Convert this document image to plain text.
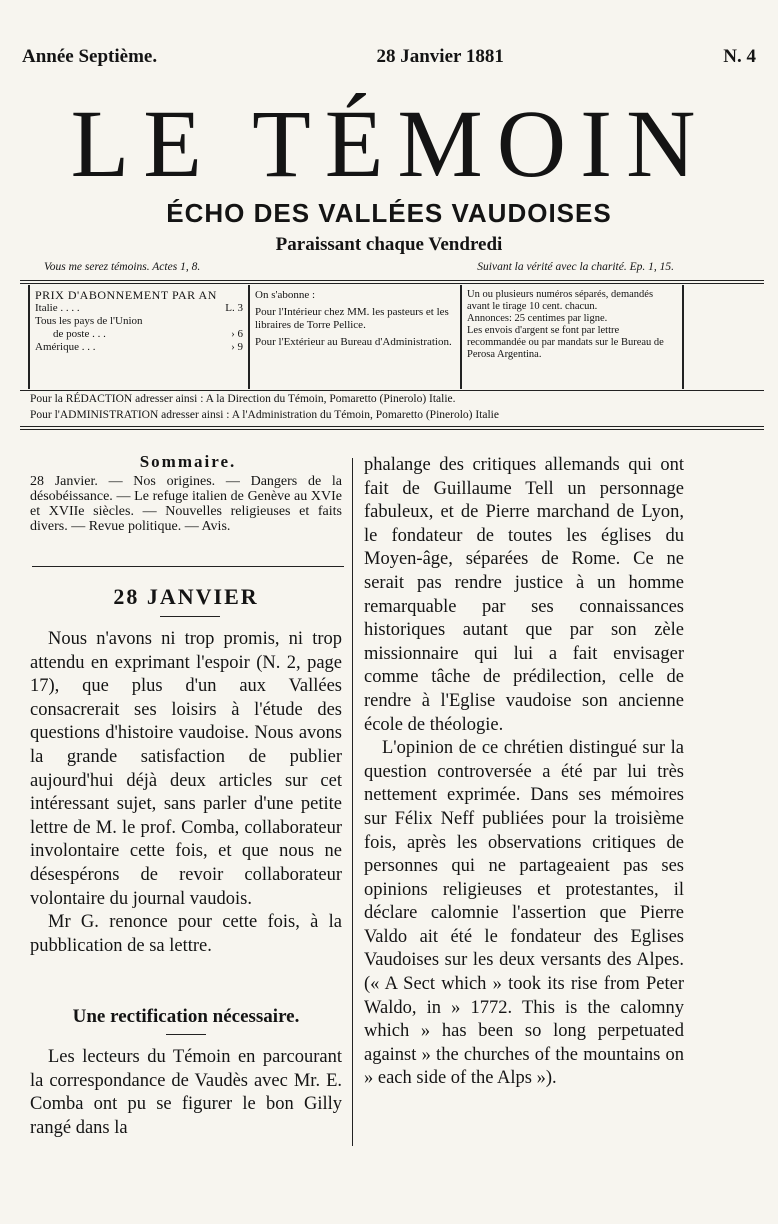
Année Septième.	28 Janvier 1881	N. 4
LE TÉMOIN
ÉCHO DES VALLÉES VAUDOISES
Paraissant chaque Vendredi
Vous me serez témoins. Actes 1, 8.	Suivant la vérité avec la charité. Ep. 1, 15.
PRIX D'ABONNEMENT PAR AN
Italie . . . .	L. 3
Tous les pays de l'Union
de poste . . .	› 6
Amérique . . .	› 9
On s'abonne :
Pour l'Intérieur chez MM. les pasteurs et les libraires de Torre Pellice.
Pour l'Extérieur au Bureau d'Administration.
Un ou plusieurs numéros séparés, demandés avant le tirage 10 cent. chacun.
Annonces: 25 centimes par ligne.
Les envois d'argent se font par lettre recommandée ou par mandats sur le Bureau de Perosa Argentina.
Pour la RÉDACTION adresser ainsi : A la Direction du Témoin, Pomaretto (Pinerolo) Italie.
Pour l'ADMINISTRATION adresser ainsi : A l'Administration du Témoin, Pomaretto (Pinerolo) Italie
Sommaire.
28 Janvier. — Nos origines. — Dangers de la désobéissance. — Le refuge italien de Genève au XVIe et XVIIe siècles. — Nouvelles religieuses et faits divers. — Revue politique. — Avis.
28 JANVIER

Nous n'avons ni trop promis, ni trop attendu en exprimant l'espoir (N. 2, page 17), que plus d'un aux Vallées consacrerait ses loisirs à l'étude des questions d'histoire vaudoise. Nous avons la grande satisfaction de publier aujourd'hui déjà deux articles sur cet intéressant sujet, sans parler d'une petite lettre de M. le prof. Comba, collaborateur involontaire cette fois, et que nous ne désespérons de revoir collaborateur volontaire du journal vaudois.

Mr G. renonce pour cette fois, à la pubblication de sa lettre.

Une rectification nécessaire.

Les lecteurs du Témoin en parcourant la correspondance de Vaudès avec Mr. E. Comba ont pu se figurer le bon Gilly rangé dans la

phalange des critiques allemands qui ont fait de Guillaume Tell un personnage fabuleux, et de Pierre marchand de Lyon, le fondateur de toutes les églises du Moyen-âge, séparées de Rome. Ce ne serait pas rendre justice à un homme remarquable par ses connaissances historiques autant que par son zèle missionnaire qui lui a fait envisager comme tâche de prédilection, celle de rendre à l'Eglise vaudoise son ancienne école de théologie.

L'opinion de ce chrétien distingué sur la question controversée a été par lui très nettement exprimée. Dans ses mémoires sur Félix Neff publiées pour la troisième fois, après les observations critiques de personnes qui ne partageaient pas ses opinions religieuses et protestantes, il déclare calomnie l'assertion que Pierre Valdo ait été le fondateur des Eglises Vaudoises sur les deux versants des Alpes. (« A Sect which » took its rise from Peter Waldo, in » 1772. This is the calomny which » has been so long perpetuated against » the churches of the mountains on » each side of the Alps »).
